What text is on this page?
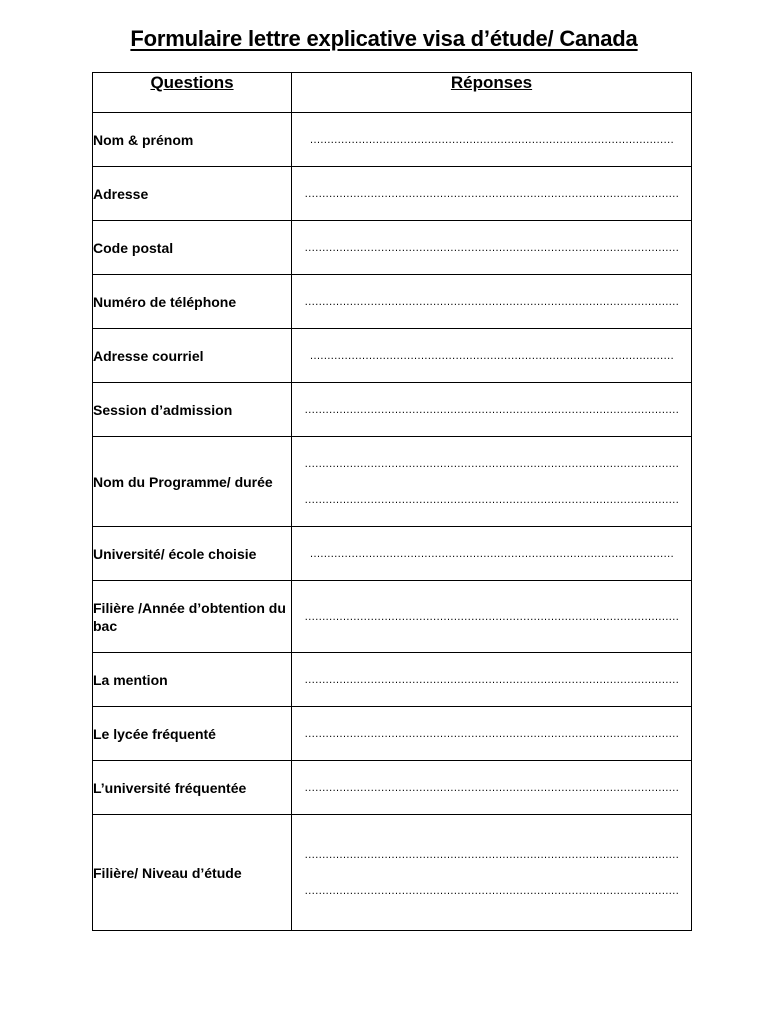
Formulaire lettre explicative visa d’étude/ Canada
Questions	Réponses
Nom & prénom	……………………………………………………………………………………………

Adresse	………………………………………………………………………………………………

Code postal	………………………………………………………………………………………………

Numéro de téléphone	………………………………………………………………………………………………

Adresse courriel	……………………………………………………………………………………………

Session d’admission	………………………………………………………………………………………………

Nom du Programme/ durée	………………………………………………………………………………………………
………………………………………………………………………………………………

Université/ école choisie	……………………………………………………………………………………………

Filière /Année d’obtention du bac	………………………………………………………………………………………………

La mention	………………………………………………………………………………………………

Le lycée fréquenté	………………………………………………………………………………………………

L’université fréquentée	………………………………………………………………………………………………

Filière/ Niveau d’étude	………………………………………………………………………………………………
………………………………………………………………………………………………
